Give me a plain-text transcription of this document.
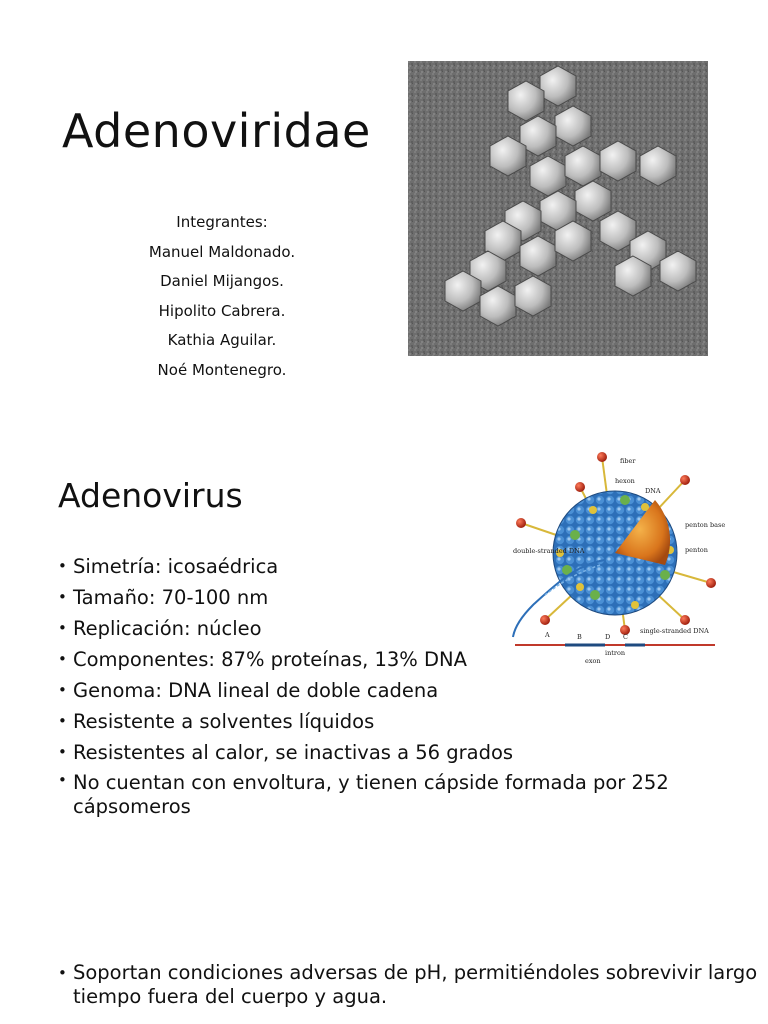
Adenoviridae
Integrantes:
Manuel Maldonado.
Daniel Mijangos.
Hipolito Cabrera.
Kathia Aguilar.
Noé Montenegro.
Adenovirus
fiber
hexon
DNA
penton base
penton
double-stranded DNA
single-stranded DNA
A	B	D C
intron
exon
• Simetría: icosaédrica
• Tamaño: 70-100 nm
• Replicación: núcleo
• Componentes: 87% proteínas, 13% DNA
• Genoma: DNA lineal de doble cadena
• Resistente a solventes líquidos
• Resistentes al calor, se inactivas a 56 grados
• No cuentan con envoltura, y tienen cápside formada por 252 cápsomeros
• Soportan condiciones adversas de pH, permitiéndoles sobrevivir largo tiempo fuera del cuerpo y agua.
